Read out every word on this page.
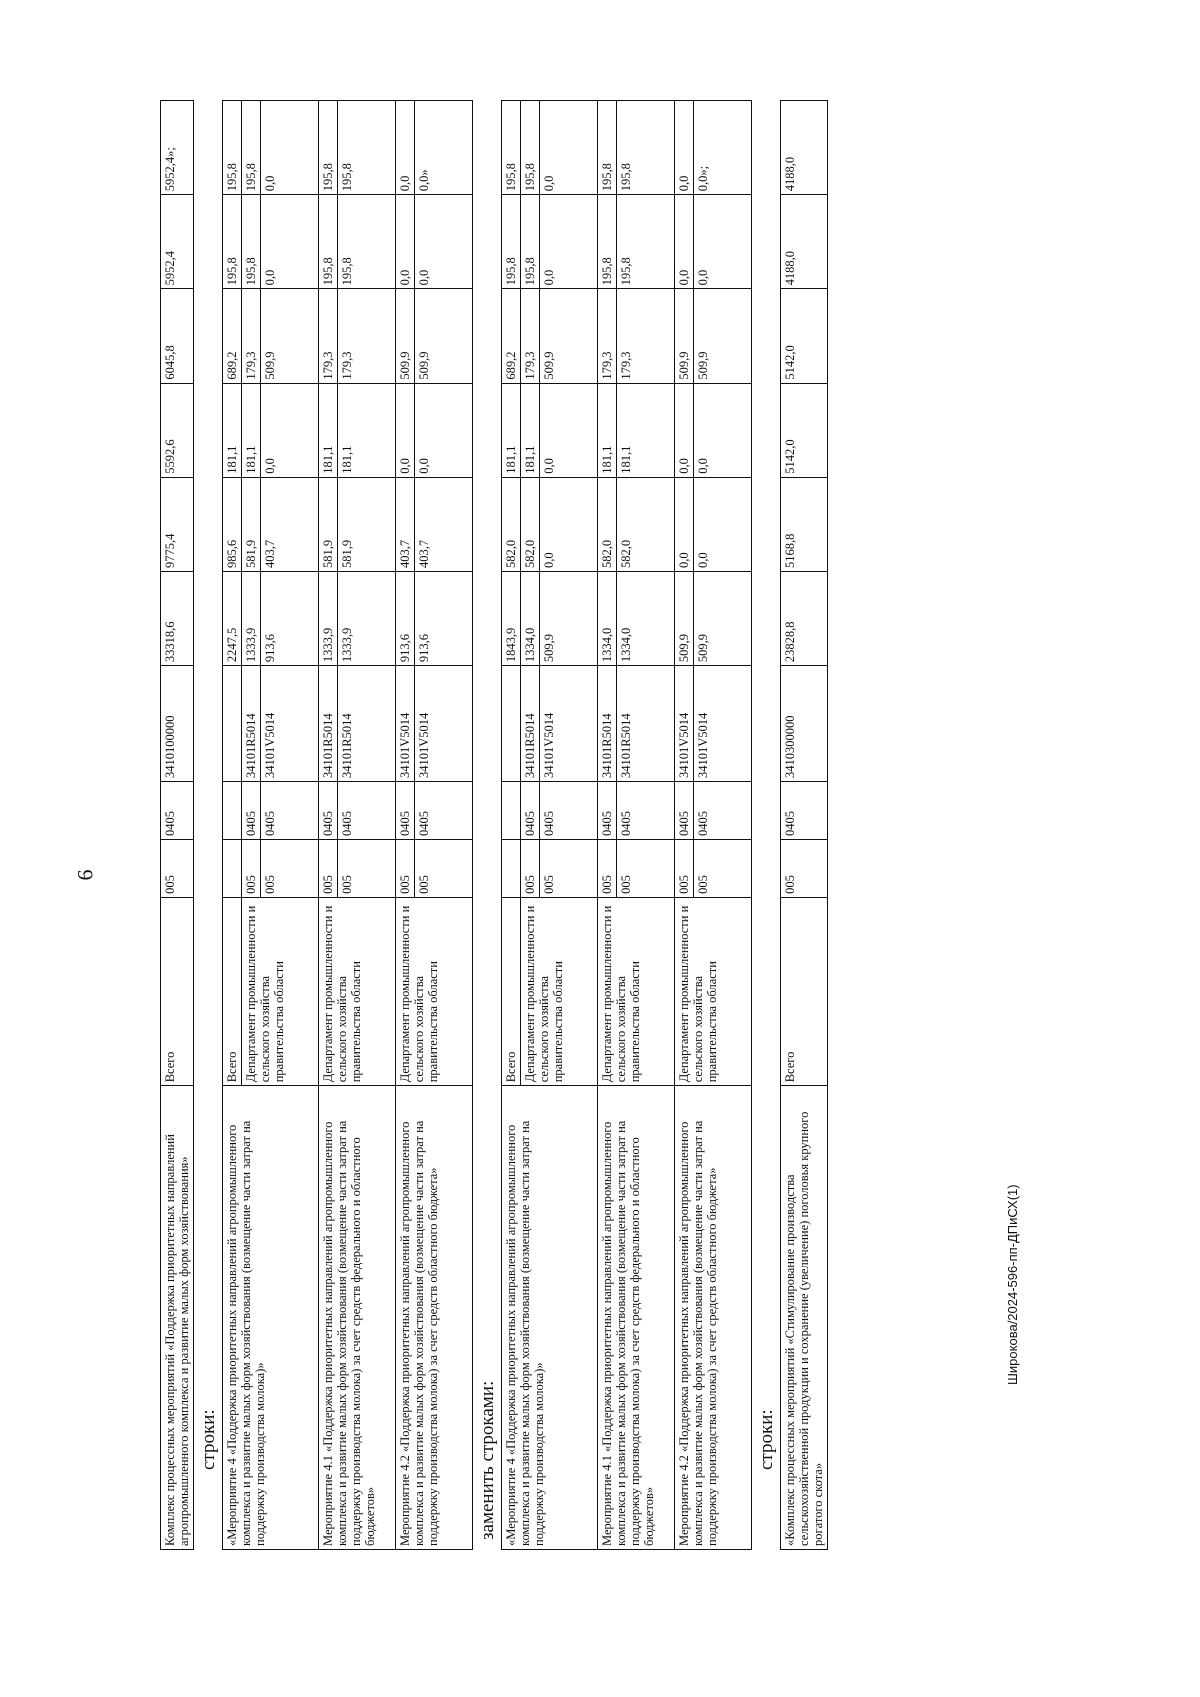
6
Широкова/2024-596-пп-ДПиСХ(1)
Комплекс процессных мероприятий «Поддержка приоритетных направлений агропромышленного комплекса и развитие малых форм хозяйствования»	Всего	005	0405	3410100000	33318,6	9775,4	5592,6	6045,8	5952,4	5952,4»;
строки: «Мероприятие 4 «Поддержка приоритетных направлений агропромышленного комплекса и развитие малых форм хозяйствования (возмещение части затрат на поддержку производства молока)»	Всего				2247,5	985,6	181,1	689,2	195,8	195,8
	Департамент промышленности и сельского хозяйства правительства области	005	0405	34101R5014	1333,9	581,9	181,1	179,3	195,8	195,8
		005	0405	34101V5014	913,6	403,7	0,0	509,9	0,0	0,0
Мероприятие 4.1 «Поддержка приоритетных направлений агропромышленного комплекса и развитие малых форм хозяйствования (возмещение части затрат на поддержку производства молока) за счет средств федерального и областного бюджетов»	Департамент промышленности и сельского хозяйства правительства области	005	0405	34101R5014	1333,9	581,9	181,1	179,3	195,8	195,8
		005	0405	34101R5014	1333,9	581,9	181,1	179,3	195,8	195,8
Мероприятие 4.2 «Поддержка приоритетных направлений агропромышленного комплекса и развитие малых форм хозяйствования (возмещение части затрат на поддержку производства молока) за счет средств областного бюджета»	Департамент промышленности и сельского хозяйства правительства области	005	0405	34101V5014	913,6	403,7	0,0	509,9	0,0	0,0
		005	0405	34101V5014	913,6	403,7	0,0	509,9	0,0	0,0»
заменить строками: «Мероприятие 4 «Поддержка приоритетных направлений агропромышленного комплекса и развитие малых форм хозяйствования (возмещение части затрат на поддержку производства молока)»	Всего				1843,9	582,0	181,1	689,2	195,8	195,8
	Департамент промышленности и сельского хозяйства правительства области	005	0405	34101R5014	1334,0	582,0	181,1	179,3	195,8	195,8
		005	0405	34101V5014	509,9	0,0	0,0	509,9	0,0	0,0
Мероприятие 4.1 «Поддержка приоритетных направлений агропромышленного комплекса и развитие малых форм хозяйствования (возмещение части затрат на поддержку производства молока) за счет средств федерального и областного бюджетов»	Департамент промышленности и сельского хозяйства правительства области	005	0405	34101R5014	1334,0	582,0	181,1	179,3	195,8	195,8
		005	0405	34101R5014	1334,0	582,0	181,1	179,3	195,8	195,8
Мероприятие 4.2 «Поддержка приоритетных направлений агропромышленного комплекса и развитие малых форм хозяйствования (возмещение части затрат на поддержку производства молока) за счет средств областного бюджета»	Департамент промышленности и сельского хозяйства правительства области	005	0405	34101V5014	509,9	0,0	0,0	509,9	0,0	0,0
		005	0405	34101V5014	509,9	0,0	0,0	509,9	0,0	0,0»;
строки: «Комплекс процессных мероприятий «Стимулирование производства сельскохозяйственной продукции и сохранение (увеличение) поголовья крупного рогатого скота»	Всего	005	0405	3410300000	23828,8	5168,8	5142,0	5142,0	4188,0	4188,0
